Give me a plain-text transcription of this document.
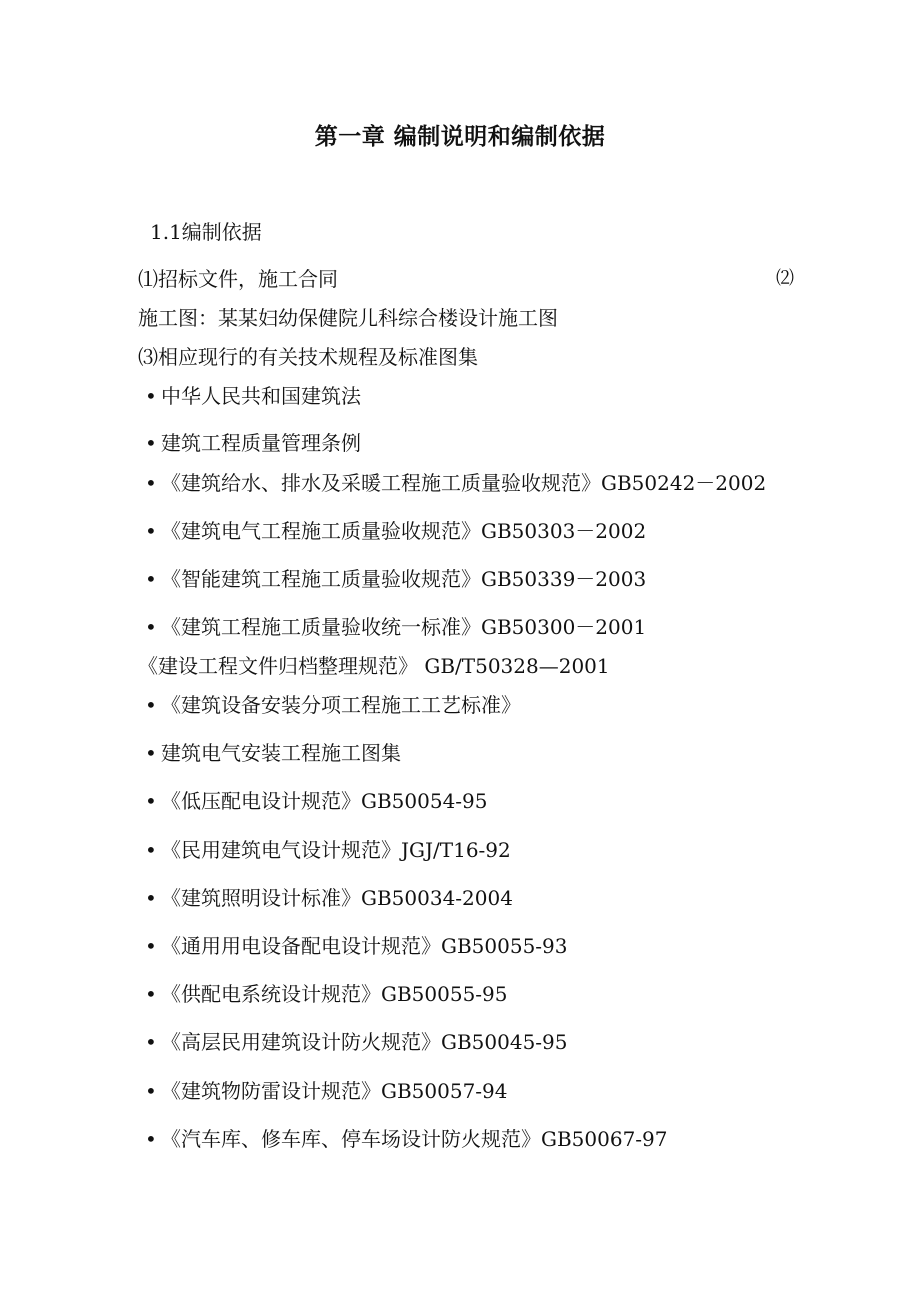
第一章 编制说明和编制依据
1.1编制依据
⑴招标文件，施工合同	⑵
施工图：某某妇幼保健院儿科综合楼设计施工图
⑶相应现行的有关技术规程及标准图集
• 中华人民共和国建筑法
• 建筑工程质量管理条例
• 《建筑给水、排水及采暖工程施工质量验收规范》GB50242－2002
• 《建筑电气工程施工质量验收规范》GB50303－2002
• 《智能建筑工程施工质量验收规范》GB50339－2003
• 《建筑工程施工质量验收统一标准》GB50300－2001
《建设工程文件归档整理规范》 GB/T50328—2001
• 《建筑设备安装分项工程施工工艺标准》
• 建筑电气安装工程施工图集
• 《低压配电设计规范》GB50054-95
• 《民用建筑电气设计规范》JGJ/T16-92
• 《建筑照明设计标准》GB50034-2004
• 《通用用电设备配电设计规范》GB50055-93
• 《供配电系统设计规范》GB50055-95
• 《高层民用建筑设计防火规范》GB50045-95
• 《建筑物防雷设计规范》GB50057-94
• 《汽车库、修车库、停车场设计防火规范》GB50067-97
